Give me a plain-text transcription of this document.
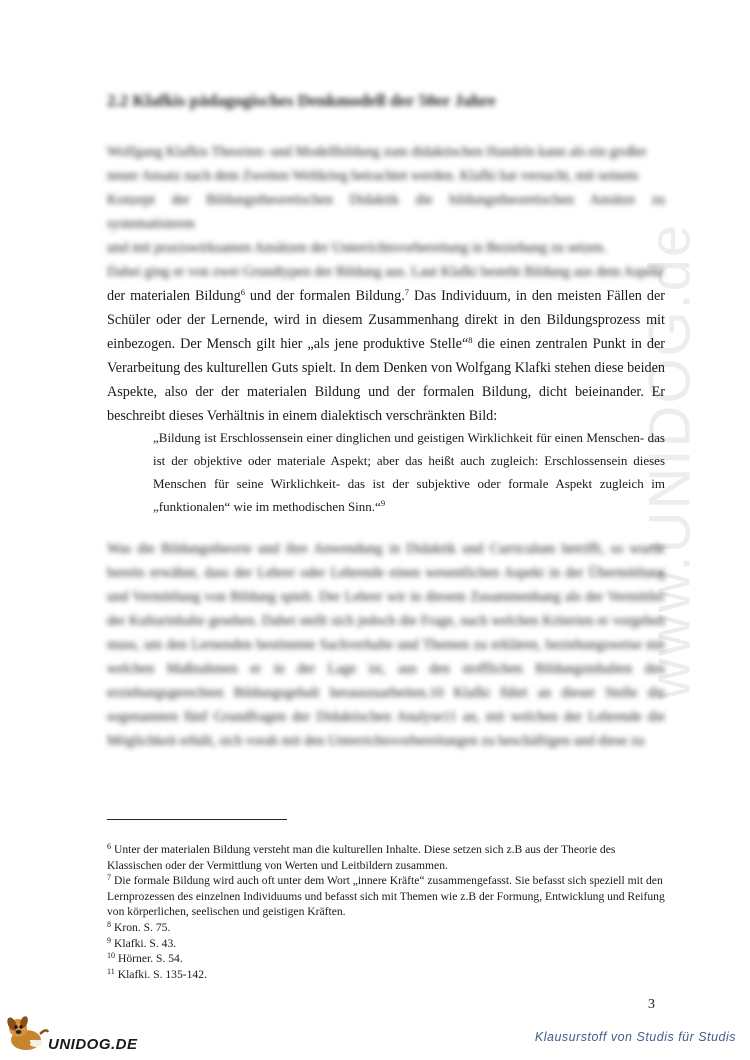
www.UNIDOG.de
2.2 Klafkis pädagogisches Denkmodell der 50er Jahre
Wolfgang Klafkis Theorien- und Modellbildung zum didaktischen Handeln kann als ein großer
neuer Ansatz nach dem Zweiten Weltkrieg betrachtet werden. Klafki hat versucht, mit seinem
Konzept der Bildungstheoretischen Didaktik die bildungstheoretischen Ansätze zu systematisieren
und mit praxiswirksamen Ansätzen der Unterrichtsvorbereitung in Beziehung zu setzen.
Dabei ging er von zwei Grundtypen der Bildung aus. Laut Klafki besteht Bildung aus dem Aspekt
der materialen Bildung$^6$ und der formalen Bildung.$^7$ Das Individuum, in den meisten Fällen der Schüler oder der Lernende, wird in diesem Zusammenhang direkt in den Bildungsprozess mit einbezogen. Der Mensch gilt hier „als jene produktive Stelle“$^8$ die einen zentralen Punkt in der Verarbeitung des kulturellen Guts spielt. In dem Denken von Wolfgang Klafki stehen diese beiden Aspekte, also der der materialen Bildung und der formalen Bildung, dicht beieinander. Er beschreibt dieses Verhältnis in einem dialektisch verschränkten Bild:
„Bildung ist Erschlossensein einer dinglichen und geistigen Wirklichkeit für einen Menschen- das ist der objektive oder materiale Aspekt; aber das heißt auch zugleich: Erschlossensein dieses Menschen für seine Wirklichkeit- das ist der subjektive oder formale Aspekt zugleich im „funktionalen“ wie im methodischen Sinn.“$^9$
Was die Bildungstheorie und ihre Anwendung in Didaktik und Curriculum betrifft, so wurde bereits erwähnt, dass der Lehrer oder Lehrende einen wesentlichen Aspekt in der Übermittlung und Vermittlung von Bildung spielt. Der Lehrer wir in diesem Zusammenhang als der Vermittler der Kulturinhalte gesehen. Dabei stellt sich jedoch die Frage, nach welchen Kriterien er vorgehen muss, um den Lernenden bestimmte Sachverhalte und Themen zu erklären, beziehungsweise mit welchen Maßnahmen er in der Lage ist, aus den stofflichen Bildungsinhalten den erziehungsgerechten Bildungsgehalt herauszuarbeiten.10 Klafki führt an dieser Stelle die sogenannten fünf Grundfragen der Didaktischen Analyse11 an, mit welchen der Lehrende die Möglichkeit erhält, sich vorab mit den Unterrichtsvorbereitungen zu beschäftigen und diese zu

$^6$ Unter der materialen Bildung versteht man die kulturellen Inhalte. Diese setzen sich z.B aus der Theorie des Klassischen oder der Vermittlung von Werten und Leitbildern zusammen.

$^7$ Die formale Bildung wird auch oft unter dem Wort „innere Kräfte“ zusammengefasst. Sie befasst sich speziell mit den Lernprozessen des einzelnen Individuums und befasst sich mit Themen wie z.B der Formung, Entwicklung und Reifung von körperlichen, seelischen und geistigen Kräften.

$^8$ Kron. S. 75.

$^9$ Klafki. S. 43.

$^{10}$ Hörner. S. 54.

$^{11}$ Klafki. S. 135-142.

3
UNIDOG.DE	Klausurstoff von Studis für Studis
